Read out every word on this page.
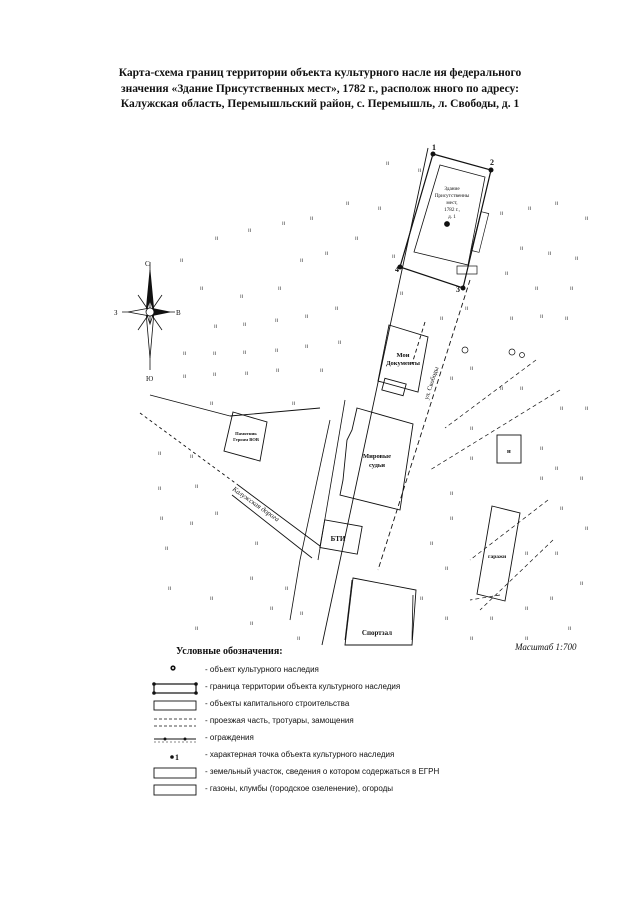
Карта-схема границ территории объекта культурного насле ия федерального
значения «Здание Присутственных мест», 1782 г., располож нного по адресу:
Калужская область, Перемышльский район, с. Перемышль, л. Свободы, д. 1
ıı
ıı
ıı
ıı
ıı
ıı
ıı
ıı
ıı
ıı
ıı
ıı
ıı
ıı
ıı
ıı
ıı	ıı
ıı
ıı
ıı
ıı	ıı	ıı	ıı
ıı
ıı
ıı	ıı	ıı	ıı	ıı
ıı	ıı
ıı
ıı
ıı
ıı
ıı
ıı
ıı
ıı
ıı
ıı
ıı
ıı
ıı
ıı
ıı
ıı
ıı
ıı
ıı
ıı
ıı	ıı	ıı
ıı
ıı
ıı
ıı
ıı
ıı
ıı
ıı
ıı	ıı
ıı
ıı
ıı
ıı
ıı
ıı
ıı
ıı
ıı
ıı
ıı
ıı
ıı
ıı
ıı
ıı
ıı
ıı
ıı
ıı
ıı
ıı
ıı
ıı
ıı	ıı
ıı
ıı
ıı
ıı
С
Ю
З	В
ул. Свободы
Калужская дорога
1
2
3
4
Здание
Присутственны
мест,
1782 г.,
д. 1
Мои
Документы
Мировые
судьи
БТИ
Спортзал
Памятник
Героям ВОВ
н
гаражи
Масштаб 1:700
Условные обозначения:
- объект культурного наследия
- граница территории объекта культурного наследия
- объекты капитального строительства
- проезжая часть, тротуары, замощения
- ограждения
1	- характерная точка объекта культурного наследия
- земельный участок, сведения о котором содержаться в ЕГРН
- газоны, клумбы (городское озеленение), огороды
